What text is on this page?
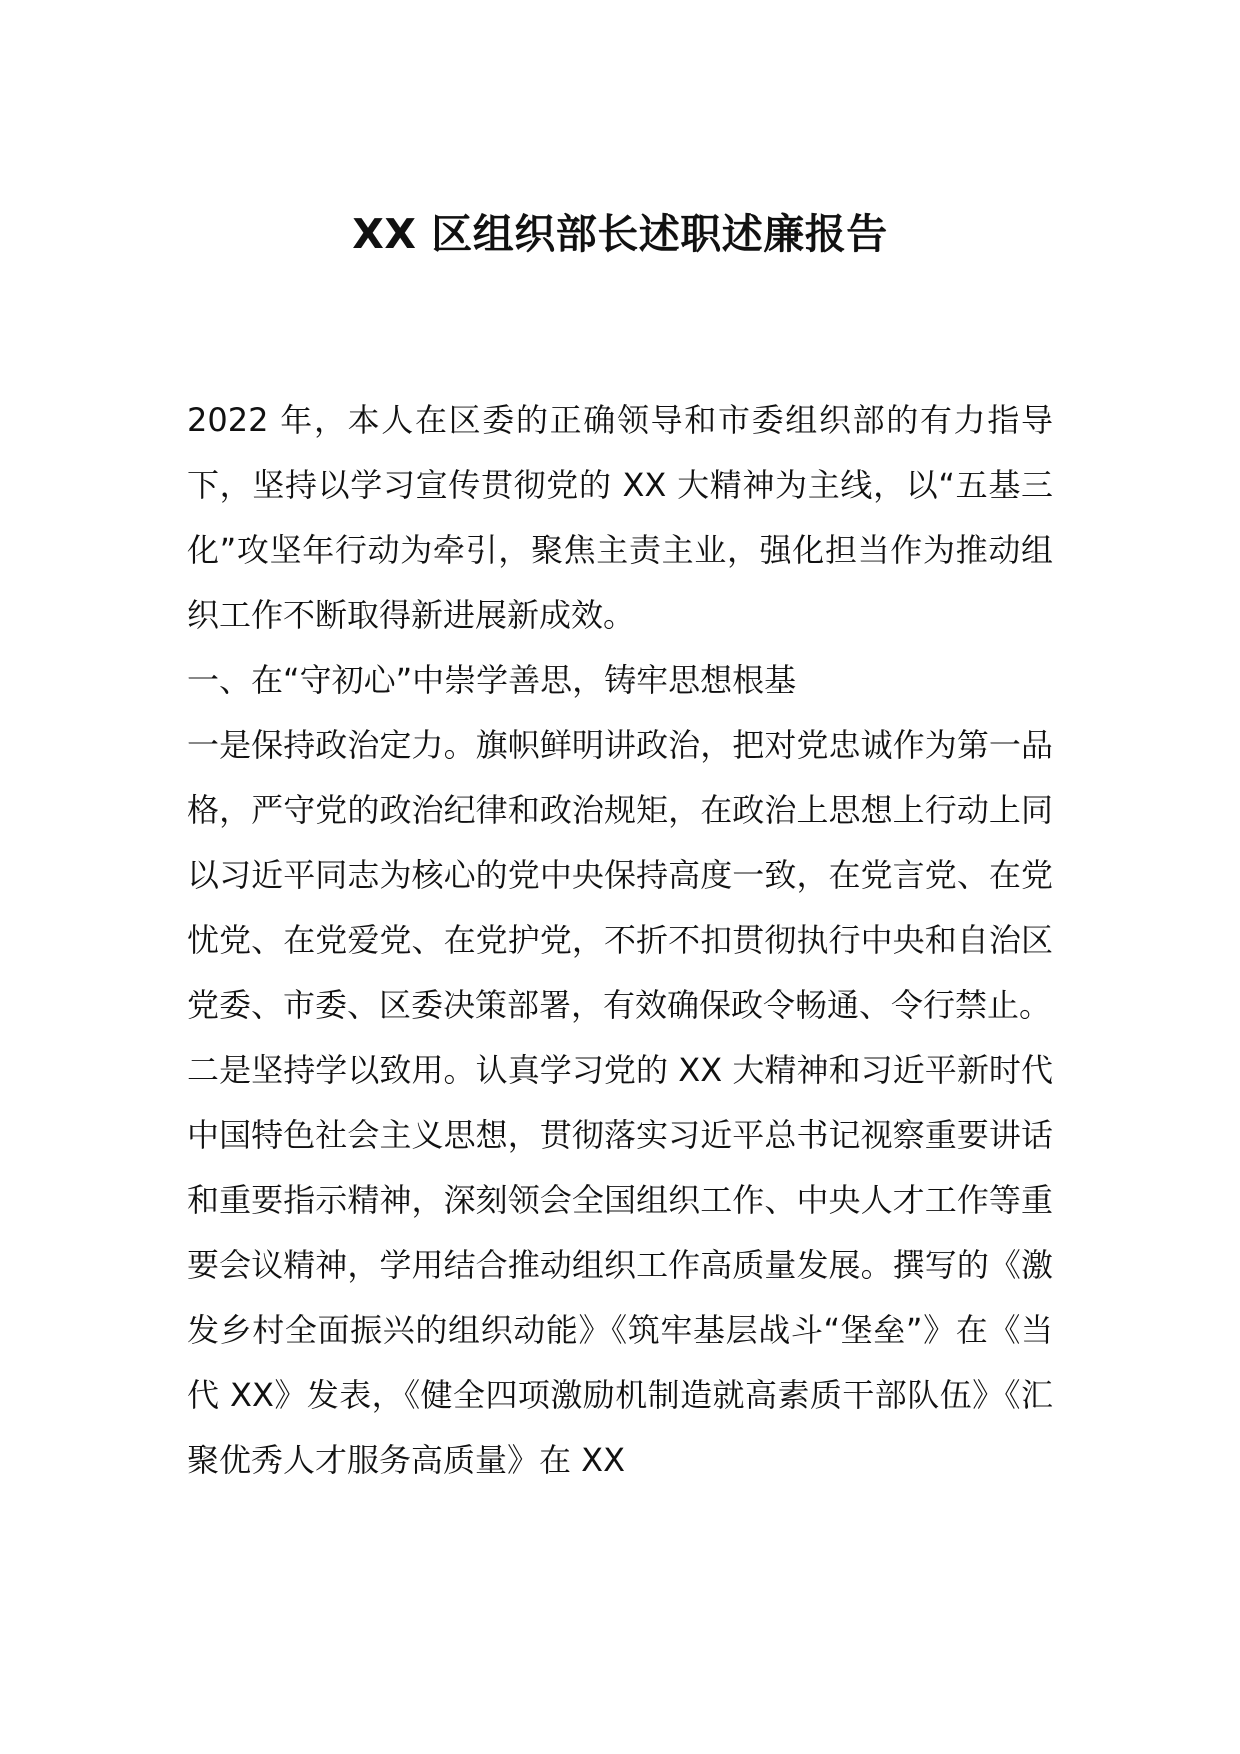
XX 区组织部长述职述廉报告

2022 年，本人在区委的正确领导和市委组织部的有力指导下，坚持以学习宣传贯彻党的 XX 大精神为主线，以“五基三化”攻坚年行动为牵引，聚焦主责主业，强化担当作为推动组织工作不断取得新进展新成效。

一、在“守初心”中崇学善思，铸牢思想根基

一是保持政治定力。旗帜鲜明讲政治，把对党忠诚作为第一品格，严守党的政治纪律和政治规矩，在政治上思想上行动上同以习近平同志为核心的党中央保持高度一致，在党言党、在党忧党、在党爱党、在党护党，不折不扣贯彻执行中央和自治区党委、市委、区委决策部署，有效确保政令畅通、令行禁止。

二是坚持学以致用。认真学习党的 XX 大精神和习近平新时代中国特色社会主义思想，贯彻落实习近平总书记视察重要讲话和重要指示精神，深刻领会全国组织工作、中央人才工作等重要会议精神，学用结合推动组织工作高质量发展。撰写的《激发乡村全面振兴的组织动能》《筑牢基层战斗“堡垒”》在《当代 XX》发表，《健全四项激励机制造就高素质干部队伍》《汇聚优秀人才服务高质量》在 XX
